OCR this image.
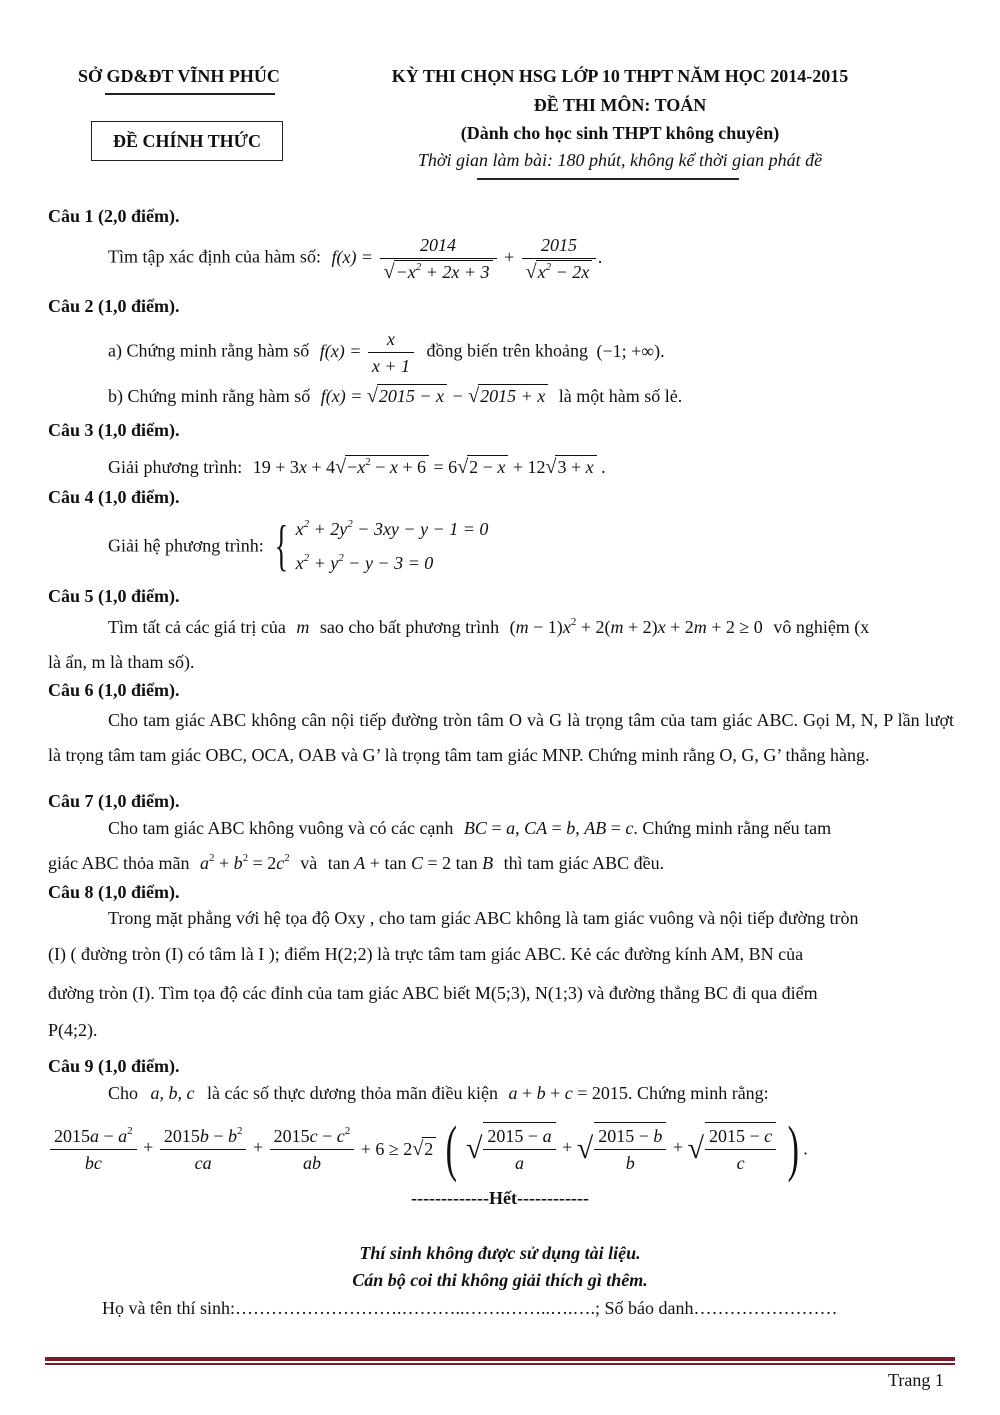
SỞ GD&ĐT VĨNH PHÚC
ĐỀ CHÍNH THỨC
KỲ THI CHỌN HSG LỚP 10 THPT NĂM HỌC 2014-2015
ĐỀ THI MÔN: TOÁN
(Dành cho học sinh THPT không chuyên)
Thời gian làm bài: 180 phút, không kể thời gian phát đề
Câu 1 (2,0 điểm).
Tìm tập xác định của hàm số: $f(x) = \frac{2014}{√-x^2 + 2x + 3} + \frac{2015}{√x^2 - 2x}$ .
Câu 2 (1,0 điểm).
a) Chứng minh rằng hàm số $f(x) = \frac{x}{x + 1}$ đồng biến trên khoảng (−1; +∞).
b) Chứng minh rằng hàm số f(x) = √2015 − x − √2015 + x là một hàm số lẻ.
Câu 3 (1,0 điểm).
Giải phương trình: $19 + 3x + 4√-x^2 - x + 6 = 6√2 - x + 12√3 + x$ .
Câu 4 (1,0 điểm).
Giải hệ phương trình: { $x^2 + 2y^2 - 3xy - y - 1 = 0$
$x^2 + y^2 - y - 3 = 0$
Câu 5 (1,0 điểm).
Tìm tất cả các giá trị của m sao cho bất phương trình $(m - 1)x^2 + 2(m + 2)x + 2m + 2 \ge 0$ vô nghiệm (x
là ẩn, m là tham số).
Câu 6 (1,0 điểm).
Cho tam giác ABC không cân nội tiếp đường tròn tâm O và G là trọng tâm của tam giác ABC. Gọi M, N, P lần lượt là trọng tâm tam giác OBC, OCA, OAB và G’ là trọng tâm tam giác MNP. Chứng minh rằng O, G, G’ thẳng hàng.
Câu 7 (1,0 điểm).
Cho tam giác ABC không vuông và có các cạnh BC = a, CA = b, AB = c. Chứng minh rằng nếu tam
giác ABC thỏa mãn $a^2 + b^2 = 2c^2$ và tan A + tan C = 2 tan B thì tam giác ABC đều.
Câu 8 (1,0 điểm).
Trong mặt phẳng với hệ tọa độ Oxy , cho tam giác ABC không là tam giác vuông và nội tiếp đường tròn
(I) ( đường tròn (I) có tâm là I ); điểm H(2;2) là trực tâm tam giác ABC. Kẻ các đường kính AM, BN của
đường tròn (I). Tìm tọa độ các đỉnh của tam giác ABC biết M(5;3), N(1;3) và đường thẳng BC đi qua điểm
P(4;2).
Câu 9 (1,0 điểm).
Cho a, b, c là các số thực dương thỏa mãn điều kiện a + b + c = 2015. Chứng minh rằng:
$\frac{2015a - a^2}{bc} + \frac{2015b - b^2}{ca} + \frac{2015c - c^2}{ab} + 6 \ge 2√2$ ( √ $\frac{2015 - a}{a}$ + √ $\frac{2015 - b}{b}$ + √ $\frac{2015 - c}{c}$ ) .
-------------Hết------------
Thí sinh không được sử dụng tài liệu.
Cán bộ coi thi không giải thích gì thêm.
Họ và tên thí sinh:……………………….………..…….……..….….; Số báo danh……………………
Trang 1
